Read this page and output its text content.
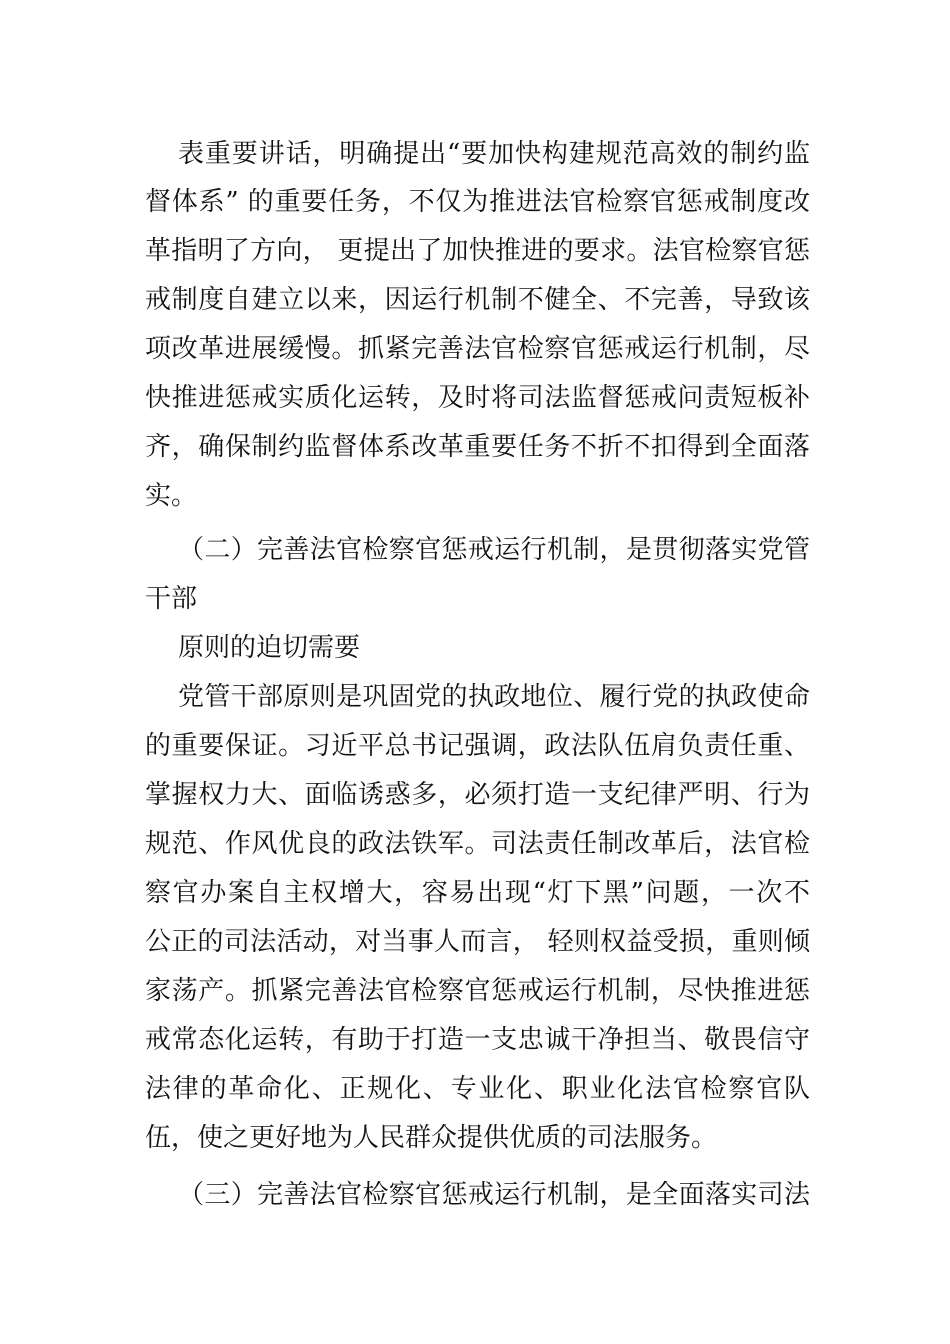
表重要讲话，明确提出“要加快构建规范高效的制约监
督体系” 的重要任务，不仅为推进法官检察官惩戒制度改
革指明了方向， 更提出了加快推进的要求。法官检察官惩
戒制度自建立以来，因运行机制不健全、不完善，导致该
项改革进展缓慢。抓紧完善法官检察官惩戒运行机制，尽
快推进惩戒实质化运转，及时将司法监督惩戒问责短板补
齐，确保制约监督体系改革重要任务不折不扣得到全面落
实。
（二）完善法官检察官惩戒运行机制，是贯彻落实党管
干部
原则的迫切需要
党管干部原则是巩固党的执政地位、履行党的执政使命
的重要保证。习近平总书记强调，政法队伍肩负责任重、
掌握权力大、面临诱惑多，必须打造一支纪律严明、行为
规范、作风优良的政法铁军。司法责任制改革后，法官检
察官办案自主权增大，容易出现“灯下黑”问题，一次不
公正的司法活动，对当事人而言， 轻则权益受损，重则倾
家荡产。抓紧完善法官检察官惩戒运行机制，尽快推进惩
戒常态化运转，有助于打造一支忠诚干净担当、敬畏信守
法律的革命化、正规化、专业化、职业化法官检察官队
伍，使之更好地为人民群众提供优质的司法服务。
（三）完善法官检察官惩戒运行机制，是全面落实司法
